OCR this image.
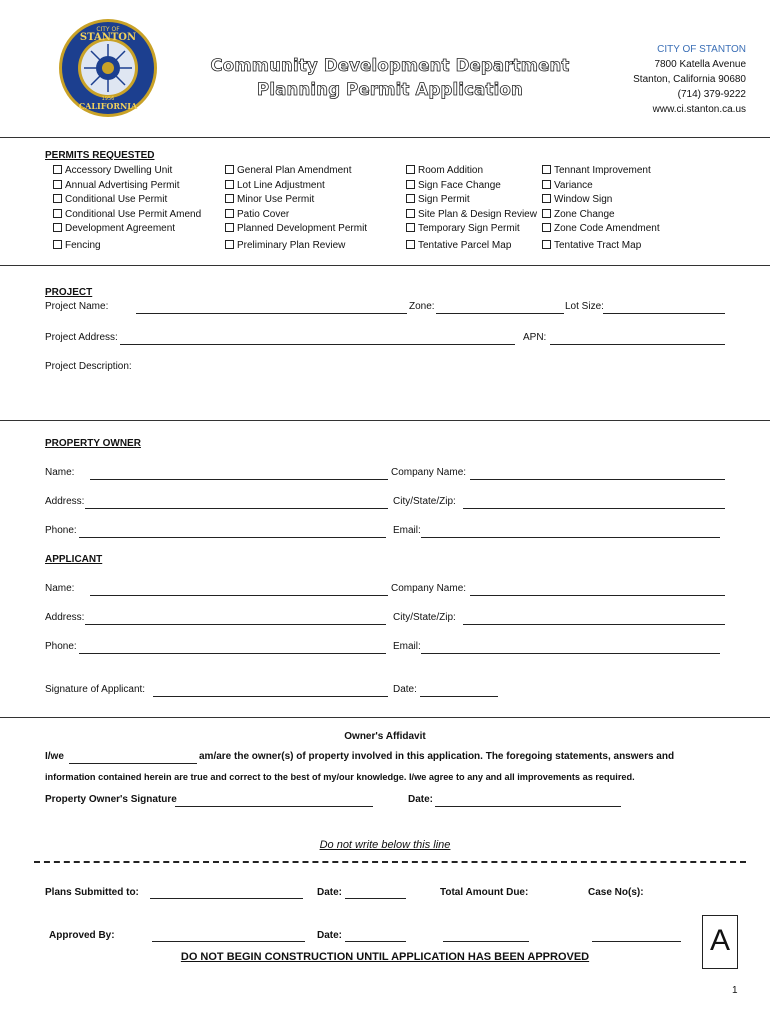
CITY OF
STANTON
CALIFORNIA
1956
Community Development Department
Planning Permit Application
CITY OF STANTON
7800 Katella Avenue
Stanton, California 90680
(714) 379-9222
www.ci.stanton.ca.us
PERMITS REQUESTED
Accessory Dwelling Unit
Annual Advertising Permit
Conditional Use Permit
Conditional Use Permit Amend
Development Agreement
Fencing
General Plan Amendment
Lot Line Adjustment
Minor Use Permit
Patio Cover
Planned Development Permit
Preliminary Plan Review
Room Addition
Sign Face Change
Sign Permit
Site Plan & Design Review
Temporary Sign Permit
Tentative Parcel Map
Tennant Improvement
Variance
Window Sign
Zone Change
Zone Code Amendment
Tentative Tract Map
PROJECT
Project Name:	Zone:	Lot Size:
Project Address:	APN:
Project Description:
PROPERTY OWNER
Name:	Company Name:
Address:	City/State/Zip:
Phone:	Email:
APPLICANT
Name:	Company Name:
Address:	City/State/Zip:
Phone:	Email:
Signature of Applicant:	Date:
Owner's Affidavit
I/we	am/are the owner(s) of property involved in this application. The foregoing statements, answers and
information contained herein are true and correct to the best of my/our knowledge. I/we agree to any and all improvements as required.
Property Owner's Signature	Date:
Do not write below this line
Plans Submitted to:	Date:	Total Amount Due:	Case No(s):
Approved By:	Date:	A
DO NOT BEGIN CONSTRUCTION UNTIL APPLICATION HAS BEEN APPROVED
1
